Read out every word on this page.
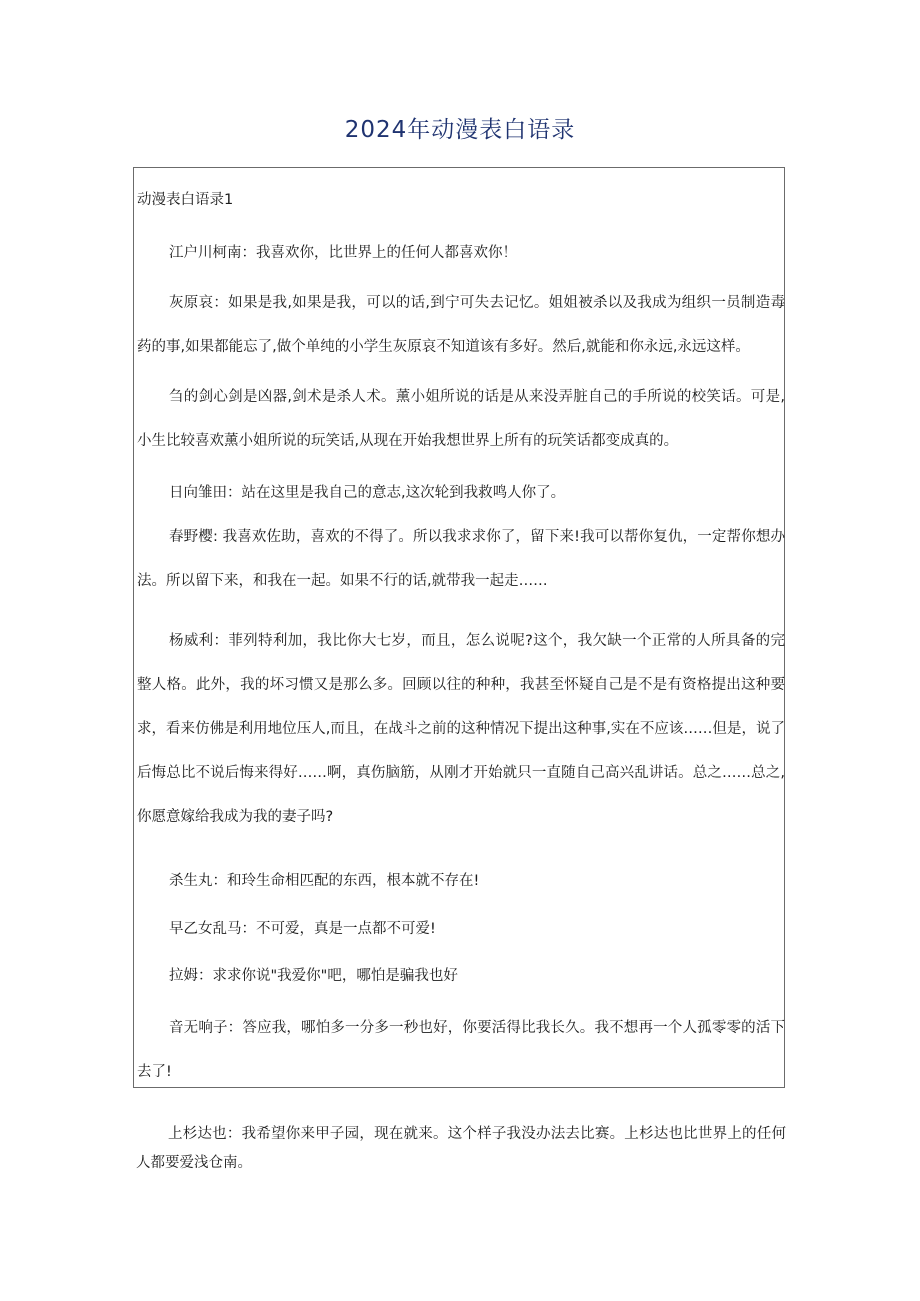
2024年动漫表白语录

动漫表白语录1

江户川柯南：我喜欢你，比世界上的任何人都喜欢你！

灰原哀：如果是我,如果是我，可以的话,到宁可失去记忆。姐姐被杀以及我成为组织一员制造毒药的事,如果都能忘了,做个单纯的小学生灰原哀不知道该有多好。然后,就能和你永远,永远这样。

刍的剑心剑是凶器,剑术是杀人术。薰小姐所说的话是从来没弄脏自己的手所说的校笑话。可是,小生比较喜欢薰小姐所说的玩笑话,从现在开始我想世界上所有的玩笑话都变成真的。

日向雏田：站在这里是我自己的意志,这次轮到我救鸣人你了。

春野樱: 我喜欢佐助，喜欢的不得了。所以我求求你了，留下来!我可以帮你复仇，一定帮你想办法。所以留下来，和我在一起。如果不行的话,就带我一起走……

杨威利：菲列特利加，我比你大七岁，而且，怎么说呢?这个，我欠缺一个正常的人所具备的完整人格。此外，我的坏习惯又是那么多。回顾以往的种种，我甚至怀疑自己是不是有资格提出这种要求，看来仿佛是利用地位压人,而且，在战斗之前的这种情况下提出这种事,实在不应该……但是，说了后悔总比不说后悔来得好……啊，真伤脑筋，从刚才开始就只一直随自己高兴乱讲话。总之……总之,你愿意嫁给我成为我的妻子吗?

杀生丸：和玲生命相匹配的东西，根本就不存在!

早乙女乱马：不可爱，真是一点都不可爱!

拉姆：求求你说"我爱你"吧，哪怕是骗我也好

音无响子：答应我，哪怕多一分多一秒也好，你要活得比我长久。我不想再一个人孤零零的活下去了!

上杉达也：我希望你来甲子园，现在就来。这个样子我没办法去比赛。上杉达也比世界上的任何人都要爱浅仓南。
